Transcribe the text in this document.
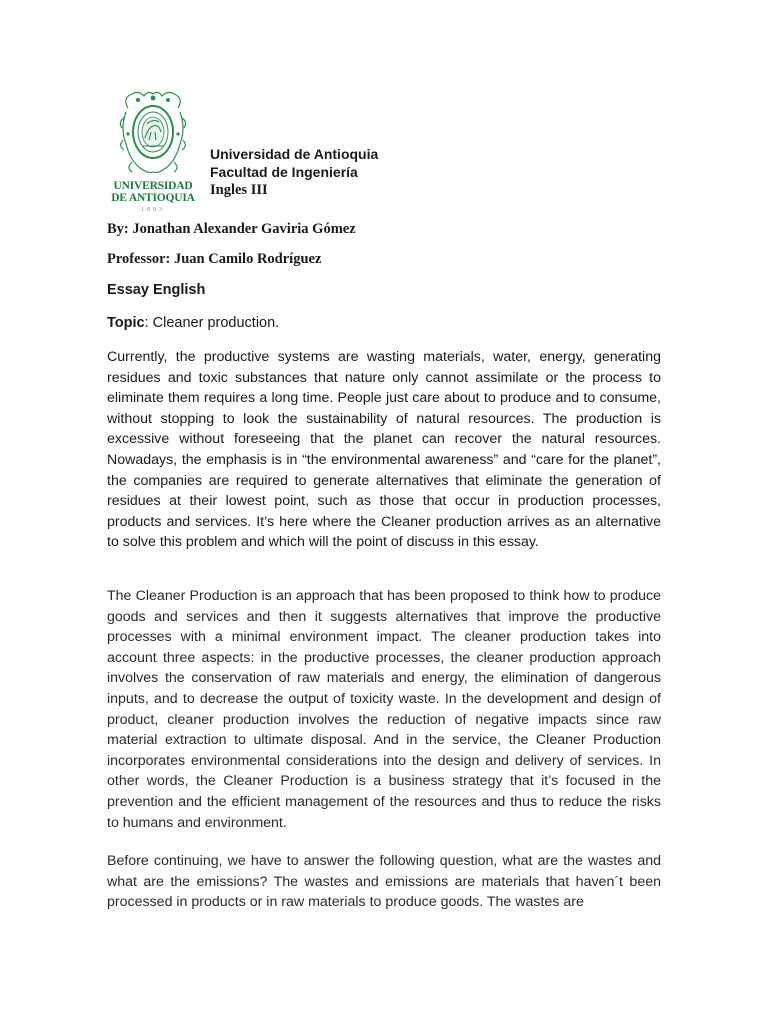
UNIVERSIDAD
DE ANTIOQUIA
1803
Universidad de Antioquia
Facultad de Ingeniería
Ingles III
By: Jonathan Alexander Gaviria Gómez
Professor: Juan Camilo Rodríguez
Essay English
Topic: Cleaner production.

Currently, the productive systems are wasting materials, water, energy, generating residues and toxic substances that nature only cannot assimilate or the process to eliminate them requires a long time. People just care about to produce and to consume, without stopping to look the sustainability of natural resources. The production is excessive without foreseeing that the planet can recover the natural resources. Nowadays, the emphasis is in “the environmental awareness” and “care for the planet”, the companies are required to generate alternatives that eliminate the generation of residues at their lowest point, such as those that occur in production processes, products and services. It’s here where the Cleaner production arrives as an alternative to solve this problem and which will the point of discuss in this essay.

The Cleaner Production is an approach that has been proposed to think how to produce goods and services and then it suggests alternatives that improve the productive processes with a minimal environment impact. The cleaner production takes into account three aspects: in the productive processes, the cleaner production approach involves the conservation of raw materials and energy, the elimination of dangerous inputs, and to decrease the output of toxicity waste. In the development and design of product, cleaner production involves the reduction of negative impacts since raw material extraction to ultimate disposal. And in the service, the Cleaner Production incorporates environmental considerations into the design and delivery of services. In other words, the Cleaner Production is a business strategy that it’s focused in the prevention and the efficient management of the resources and thus to reduce the risks to humans and environment.

Before continuing, we have to answer the following question, what are the wastes and what are the emissions? The wastes and emissions are materials that haven´t been processed in products or in raw materials to produce goods. The wastes are
